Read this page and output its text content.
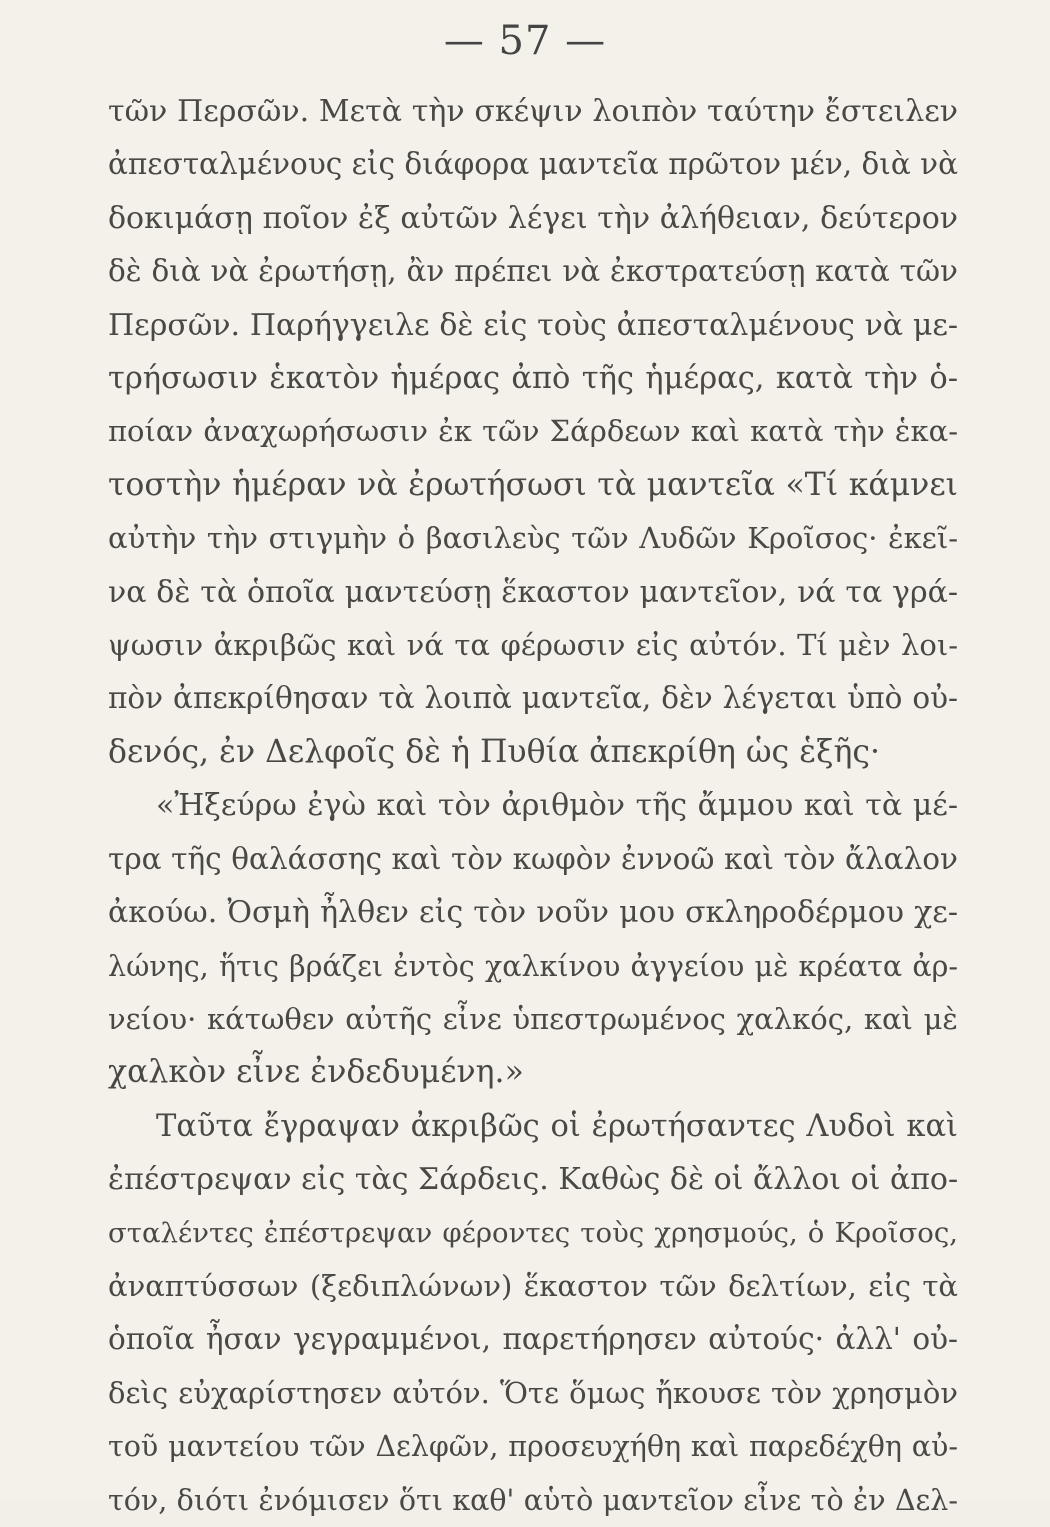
— 57 —
τῶν Περσῶν. Μετὰ τὴν σκέψιν λοιπὸν ταύτην ἔστειλεν
ἀπεσταλμένους εἰς διάφορα μαντεῖα πρῶτον μέν, διὰ νὰ
δοκιμάσῃ ποῖον ἐξ αὐτῶν λέγει τὴν ἀλήθειαν, δεύτερον
δὲ διὰ νὰ ἐρωτήσῃ, ἂν πρέπει νὰ ἐκστρατεύσῃ κατὰ τῶν
Περσῶν. Παρήγγειλε δὲ εἰς τοὺς ἀπεσταλμένους νὰ με-
τρήσωσιν ἑκατὸν ἡμέρας ἀπὸ τῆς ἡμέρας, κατὰ τὴν ὁ-
ποίαν ἀναχωρήσωσιν ἐκ τῶν Σάρδεων καὶ κατὰ τὴν ἑκα-
τοστὴν ἡμέραν νὰ ἐρωτήσωσι τὰ μαντεῖα «Τί κάμνει
αὐτὴν τὴν στιγμὴν ὁ βασιλεὺς τῶν Λυδῶν Κροῖσος· ἐκεῖ-
να δὲ τὰ ὁποῖα μαντεύσῃ ἕκαστον μαντεῖον, νά τα γρά-
ψωσιν ἀκριβῶς καὶ νά τα φέρωσιν εἰς αὐτόν. Τί μὲν λοι-
πὸν ἀπεκρίθησαν τὰ λοιπὰ μαντεῖα, δὲν λέγεται ὑπὸ οὐ-
δενός, ἐν Δελφοῖς δὲ ἡ Πυθία ἀπεκρίθη ὡς ἑξῆς·
«Ἠξεύρω ἐγὼ καὶ τὸν ἀριθμὸν τῆς ἄμμου καὶ τὰ μέ-
τρα τῆς θαλάσσης καὶ τὸν κωφὸν ἐννοῶ καὶ τὸν ἄλαλον
ἀκούω. Ὀσμὴ ἦλθεν εἰς τὸν νοῦν μου σκληροδέρμου χε-
λώνης, ἥτις βράζει ἐντὸς χαλκίνου ἀγγείου μὲ κρέατα ἀρ-
νείου· κάτωθεν αὐτῆς εἶνε ὑπεστρωμένος χαλκός, καὶ μὲ
χαλκὸν εἶνε ἐνδεδυμένη.»
Ταῦτα ἔγραψαν ἀκριβῶς οἱ ἐρωτήσαντες Λυδοὶ καὶ
ἐπέστρεψαν εἰς τὰς Σάρδεις. Καθὼς δὲ οἱ ἄλλοι οἱ ἀπο-
σταλέντες ἐπέστρεψαν φέροντες τοὺς χρησμούς, ὁ Κροῖσος,
ἀναπτύσσων (ξεδιπλώνων) ἕκαστον τῶν δελτίων, εἰς τὰ
ὁποῖα ἦσαν γεγραμμένοι, παρετήρησεν αὐτούς· ἀλλ' οὐ-
δεὶς εὐχαρίστησεν αὐτόν. Ὅτε ὅμως ἤκουσε τὸν χρησμὸν
τοῦ μαντείου τῶν Δελφῶν, προσευχήθη καὶ παρεδέχθη αὐ-
τόν, διότι ἐνόμισεν ὅτι καθ' αὑτὸ μαντεῖον εἶνε τὸ ἐν Δελ-
